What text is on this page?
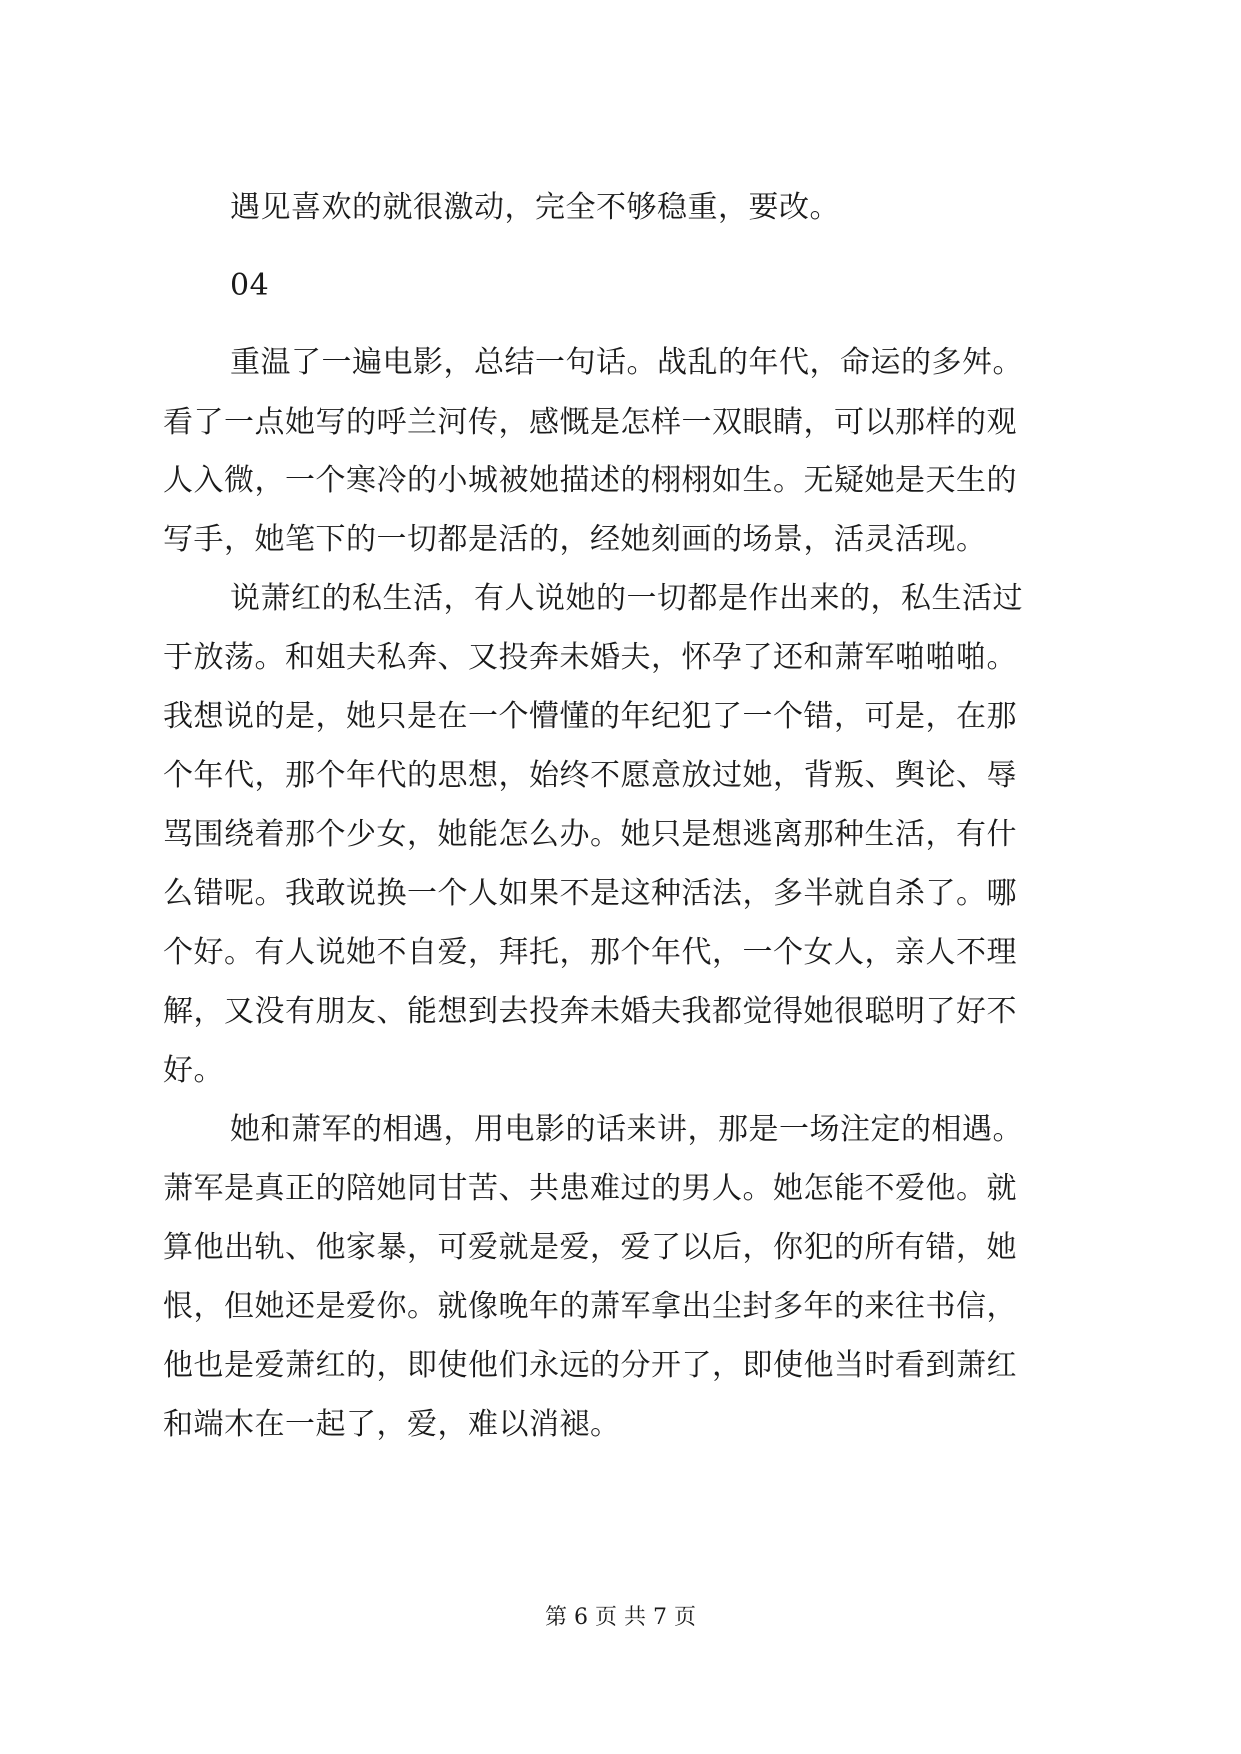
遇见喜欢的就很激动，完全不够稳重，要改。
04
重温了一遍电影，总结一句话。战乱的年代，命运的多舛。
看了一点她写的呼兰河传，感慨是怎样一双眼睛，可以那样的观
人入微，一个寒冷的小城被她描述的栩栩如生。无疑她是天生的
写手，她笔下的一切都是活的，经她刻画的场景，活灵活现。
说萧红的私生活，有人说她的一切都是作出来的，私生活过
于放荡。和姐夫私奔、又投奔未婚夫，怀孕了还和萧军啪啪啪。
我想说的是，她只是在一个懵懂的年纪犯了一个错，可是，在那
个年代，那个年代的思想，始终不愿意放过她，背叛、舆论、辱
骂围绕着那个少女，她能怎么办。她只是想逃离那种生活，有什
么错呢。我敢说换一个人如果不是这种活法，多半就自杀了。哪
个好。有人说她不自爱，拜托，那个年代，一个女人，亲人不理
解，又没有朋友、能想到去投奔未婚夫我都觉得她很聪明了好不
好。
她和萧军的相遇，用电影的话来讲，那是一场注定的相遇。
萧军是真正的陪她同甘苦、共患难过的男人。她怎能不爱他。就
算他出轨、他家暴，可爱就是爱，爱了以后，你犯的所有错，她
恨，但她还是爱你。就像晚年的萧军拿出尘封多年的来往书信，
他也是爱萧红的，即使他们永远的分开了，即使他当时看到萧红
和端木在一起了，爱，难以消褪。
第 6 页 共 7 页
